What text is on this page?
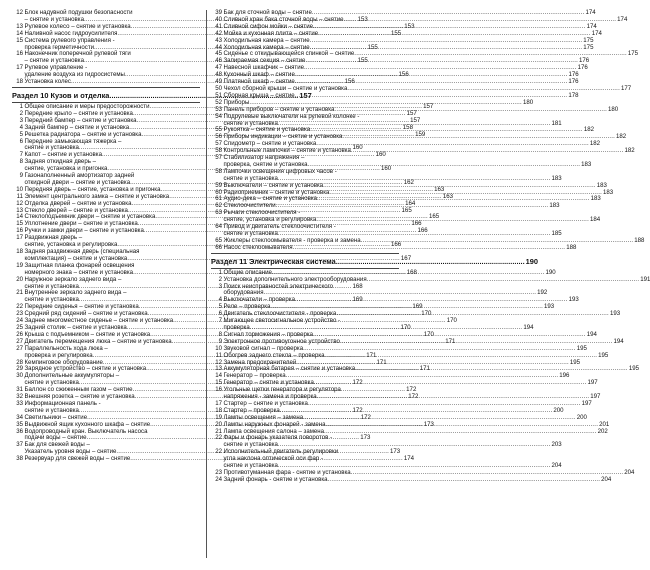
12 Блок надувной подушки безопасности
– снятие и установка .....	153
13 Рулевое колесо – снятие и установка .....	153
14 Наливной насос гидроусилителя .....	155
15 Система рулевого управления -
проверка герметичности .....	155
16 Наконечник поперечной рулевой тяги
– снятие и установка .....	155
17 Рулевое управление -
удаление воздуха из гидросистемы .....	156
18 Установка колес .....	156
Раздел 10 Кузов и отделка .....	157
1 Общее описание и меры предосторожности .....	157
2 Передние крыло – снятие и установка .....	157
3 Передний бампер – снятие и установка .....	157
4 Задний бампер – снятие и установка .....	158
5 Решетка радиатора – снятие и установка .....	159
6 Передние замыкающая тяжерка –
снятие и установка .....	160
7 Капот – снятие и установка .....	160
8 Задняя откидная дверь –
снятие, установка и пригонка .....	160
9 Газонаполненный амортизатор задней
откидной двери – снятие и установка .....	162
10 Передняя дверь – снятие, установка и пригонка .....	163
11 Элемент центрального замка – снятие и установка .....	163
12 Отделка дверей – снятие и установка .....	164
13 Стекло дверей – снятие и установка .....	165
14 Стеклоподъемник двери – снятие и установка .....	165
15 Уплотнение двери – снятие и установка .....	166
16 Ручки и замки двери – снятие и установка .....	166
17 Раздвижная дверь –
снятие, установка и регулировка .....	166
18 Задняя раздвижная дверь (специальная
комплектация) – снятие и установка .....	167
19 Защитная планка фонарей освещения
номерного знака – снятие и установка .....	168
20 Наружное зеркало заднего вида –
снятие и установка .....	168
21 Внутреннее зеркало заднего вида –
снятие и установка .....	169
22 Передние сиденья – снятие и установка .....	169
23 Средний ряд сидений – снятие и установка .....	170
24 Заднее многоместное сиденье – снятие и установка .....	170
25 Задний столик – снятие и установка .....	170
26 Крыша с подъемником – снятие и установка .....	170
27 Двигатель перемещения люка – снятие и установка .....	171
27 Параллельность хода люка –
проверка и регулировка .....	171
28 Кемпинговое оборудование .....	171
29 Зарядное устройство – снятие и установка .....	171
30 Дополнительные аккумуляторы –
снятие и установка .....	172
31 Баллон со сжиженным газом – снятие .....	172
32 Внешняя розетка – снятие и установка .....	172
33 Информационная панель -
снятие и установка .....	172
34 Светильники – снятие .....	172
35 Выдвижной ящик кухонного шкафа – снятие .....	173
36 Водопроводный кран. Выключатель насоса
подачи воды – снятие .....	173
37 Бак для свежей воды –
Указатель уровня воды – снятие .....	173
38 Резервуар для свежей воды – снятие .....	174
39 Бак для сточной воды – снятие .....	174
40 Сливной кран бака сточной воды – снятие .....	174
41 Сливной сифон мойки – снятие .....	174
42 Мойка и кухонная плита – снятие .....	174
43 Холодильная камера – снятие .....	175
44 Холодильная камера – снятие .....	175
45 Сиденье с откидывающейся спинкой – снятие .....	175
46 Запираемая секция – снятие .....	176
47 Навесной шкафчик – снятие .....	176
48 Кухонный шкаф – снятие .....	176
49 Платяной шкаф – снятие .....	176
50 Чехол сборной крыши – снятие и установка .....	177
51 Сборная крыша – снятие .....	178
52 Приборы .....	180
53 Панель приборов – снятие и установка .....	180
54 Подрулевые выключатели на рулевой колонке -
снятие и установка .....	181
55 Рукоятка – снятие и установка .....	182
56 Приборы индикации – снятие и установка .....	182
57 Спидометр – снятие и установка .....	182
58 Контрольные лампочки – снятие и установка .....	182
57 Стабилизатор напряжения –
проверка, снятие и установка .....	183
58 Лампочки освещения цифровых часов -
снятие и установка .....	183
59 Выключатели – снятие и установка .....	183
60 Радиоприемник – снятие и установка .....	183
61 Аудио-дека – снятие и установка .....	183
62 Стеклоочистители .....	183
63 Рычаги стеклоочистителя -
снятие, установка и регулировка .....	184
64 Привод и двигатель стеклоочистителя -
снятие и установка .....	185
65 Жиклеры стеклоомывателя - проверка и замена .....	188
66 Насос стеклоомывателя .....	188
Раздел 11 Электрическая система .....	190
1 Общие описание .....	190
2 Установка дополнительного электрооборудования .....	191
3 Поиск неисправностей электрического
оборудования .....	192
4 Выключатели – проверка .....	193
5 Реле – проверка .....	193
6 Двигатель стеклоочистителя - проверка .....	193
7 Мигающее светосигнальное устройство -
проверка .....	194
8 Сигнал торможения – проверка .....	194
9 Электронное противоугонное устройство .....	194
10 Звуковой сигнал – проверка .....	195
11 Обогрев заднего стекла – проверка .....	195
12 Замена предохранителей .....	195
13 Аккумуляторная батарея – снятие и установка .....	195
14 Генератор – проверка .....	196
15 Генератор – снятие и установка .....	197
16 Угольные щетки генератора и регулятора
напряжения - замена и проверка .....	197
17 Стартер – снятие и установка .....	197
18 Стартер – проверка .....	200
19 Лампы освещения – замена .....	200
20 Лампы наружных фонарей - замена .....	201
21 Лампа освещения салона – замена .....	202
22 Фары и фонарь указателя поворотов -
снятие и установка .....	203
22 Исполнительный двигатель регулировки
угла наклона оптической оси фар -
снятие и установка .....	204
23 Противотуманная фара - снятие и установка .....	204
24 Задний фонарь - снятие и установка .....	204
